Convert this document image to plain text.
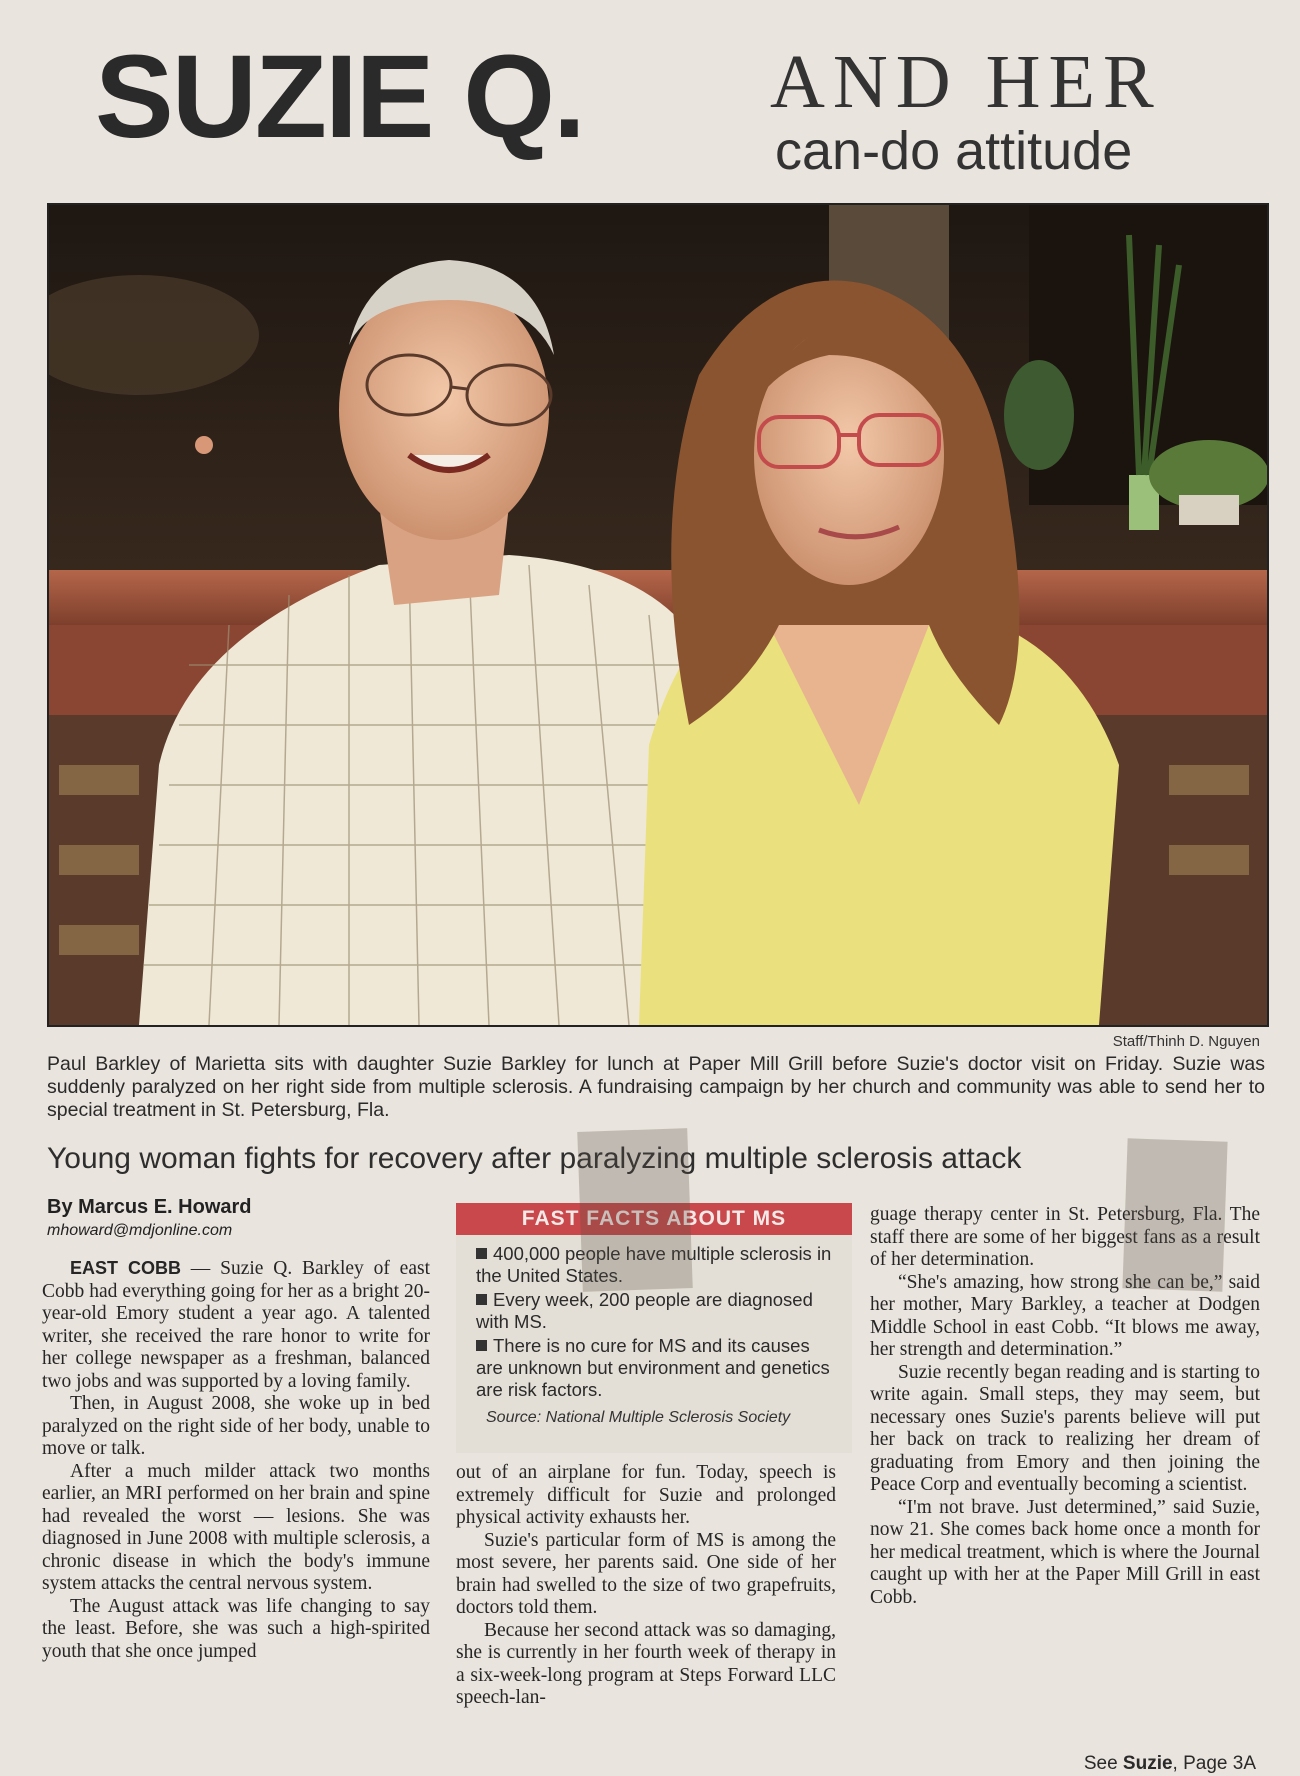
SUZIE Q. AND HER
can-do attitude
Staff/Thinh D. Nguyen
Paul Barkley of Marietta sits with daughter Suzie Barkley for lunch at Paper Mill Grill before Suzie's doctor visit on Friday. Suzie was suddenly paralyzed on her right side from multiple sclerosis. A fundraising campaign by her church and community was able to send her to special treatment in St. Petersburg, Fla.
Young woman fights for recovery after paralyzing multiple sclerosis attack
By Marcus E. Howard
mhoward@mdjonline.com

EAST COBB — Suzie Q. Barkley of east Cobb had everything going for her as a bright 20-year-old Emory student a year ago. A talented writer, she received the rare honor to write for her college newspaper as a freshman, balanced two jobs and was supported by a loving family.

Then, in August 2008, she woke up in bed paralyzed on the right side of her body, unable to move or talk.

After a much milder attack two months earlier, an MRI performed on her brain and spine had revealed the worst — lesions. She was diagnosed in June 2008 with multiple sclerosis, a chronic disease in which the body's immune system attacks the central nervous system.

The August attack was life changing to say the least. Before, she was such a high-spirited youth that she once jumped

FAST FACTS ABOUT MS
400,000 people have multiple sclerosis in the United States.
Every week, 200 people are diagnosed with MS.
There is no cure for MS and its causes are unknown but environment and genetics are risk factors.
Source: National Multiple Sclerosis Society

out of an airplane for fun. Today, speech is extremely difficult for Suzie and prolonged physical activity exhausts her.

Suzie's particular form of MS is among the most severe, her parents said. One side of her brain had swelled to the size of two grapefruits, doctors told them.

Because her second attack was so damaging, she is currently in her fourth week of therapy in a six-week-long program at Steps Forward LLC speech-lan-

guage therapy center in St. Petersburg, Fla. The staff there are some of her biggest fans as a result of her determination.

“She's amazing, how strong she can be,” said her mother, Mary Barkley, a teacher at Dodgen Middle School in east Cobb. “It blows me away, her strength and determination.”

Suzie recently began reading and is starting to write again. Small steps, they may seem, but necessary ones Suzie's parents believe will put her back on track to realizing her dream of graduating from Emory and then joining the Peace Corp and eventually becoming a scientist.

“I'm not brave. Just determined,” said Suzie, now 21. She comes back home once a month for her medical treatment, which is where the Journal caught up with her at the Paper Mill Grill in east Cobb.

See Suzie, Page 3A
